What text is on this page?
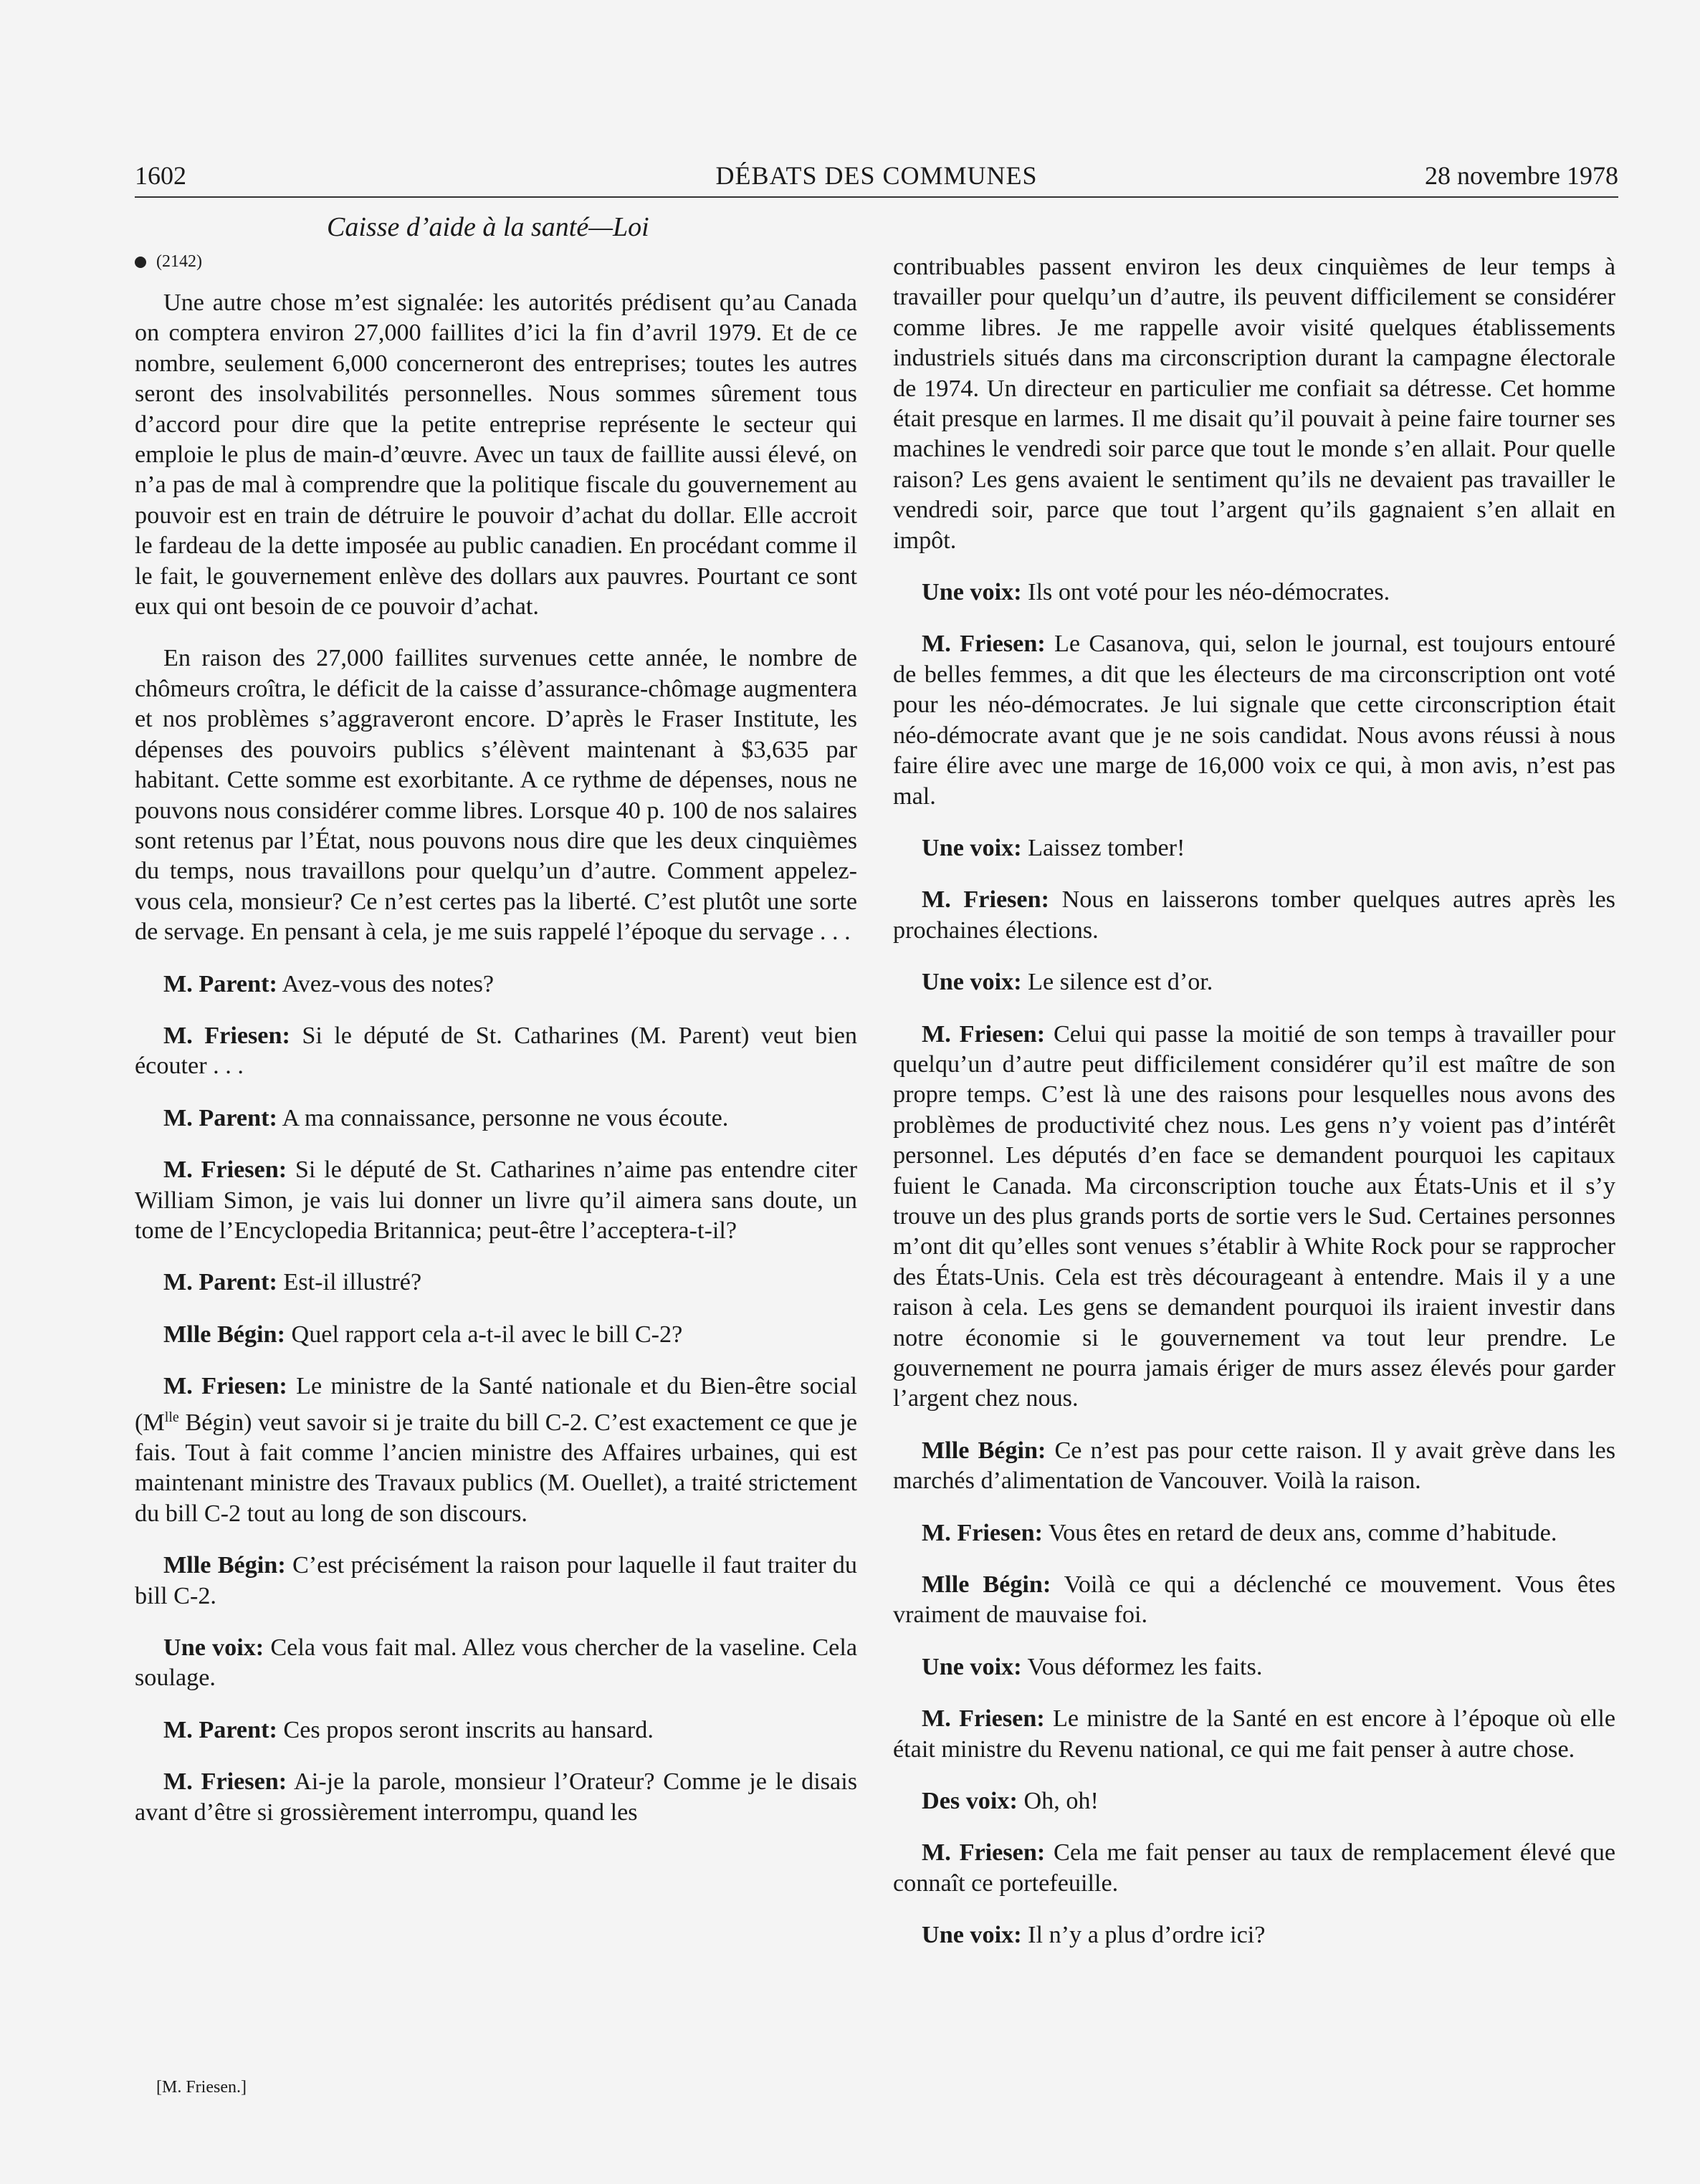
1602	DÉBATS DES COMMUNES	28 novembre 1978
Caisse d’aide à la santé—Loi
(2142)

Une autre chose m’est signalée: les autorités prédisent qu’au Canada on comptera environ 27,000 faillites d’ici la fin d’avril 1979. Et de ce nombre, seulement 6,000 concerneront des entreprises; toutes les autres seront des insolvabilités personnelles. Nous sommes sûrement tous d’accord pour dire que la petite entreprise représente le secteur qui emploie le plus de main-d’œuvre. Avec un taux de faillite aussi élevé, on n’a pas de mal à comprendre que la politique fiscale du gouvernement au pouvoir est en train de détruire le pouvoir d’achat du dollar. Elle accroit le fardeau de la dette imposée au public canadien. En procédant comme il le fait, le gouvernement enlève des dollars aux pauvres. Pourtant ce sont eux qui ont besoin de ce pouvoir d’achat.

En raison des 27,000 faillites survenues cette année, le nombre de chômeurs croîtra, le déficit de la caisse d’assurance-chômage augmentera et nos problèmes s’aggraveront encore. D’après le Fraser Institute, les dépenses des pouvoirs publics s’élèvent maintenant à $3,635 par habitant. Cette somme est exorbitante. A ce rythme de dépenses, nous ne pouvons nous considérer comme libres. Lorsque 40 p. 100 de nos salaires sont retenus par l’État, nous pouvons nous dire que les deux cinquièmes du temps, nous travaillons pour quelqu’un d’autre. Comment appelez-vous cela, monsieur? Ce n’est certes pas la liberté. C’est plutôt une sorte de servage. En pensant à cela, je me suis rappelé l’époque du servage . . .

M. Parent: Avez-vous des notes?

M. Friesen: Si le député de St. Catharines (M. Parent) veut bien écouter . . .

M. Parent: A ma connaissance, personne ne vous écoute.

M. Friesen: Si le député de St. Catharines n’aime pas entendre citer William Simon, je vais lui donner un livre qu’il aimera sans doute, un tome de l’Encyclopedia Britannica; peut-être l’acceptera-t-il?

M. Parent: Est-il illustré?

Mlle Bégin: Quel rapport cela a-t-il avec le bill C-2?

M. Friesen: Le ministre de la Santé nationale et du Bien-être social ($M^{lle}$ Bégin) veut savoir si je traite du bill C-2. C’est exactement ce que je fais. Tout à fait comme l’ancien ministre des Affaires urbaines, qui est maintenant ministre des Travaux publics (M. Ouellet), a traité strictement du bill C-2 tout au long de son discours.

Mlle Bégin: C’est précisément la raison pour laquelle il faut traiter du bill C-2.

Une voix: Cela vous fait mal. Allez vous chercher de la vaseline. Cela soulage.

M. Parent: Ces propos seront inscrits au hansard.

M. Friesen: Ai-je la parole, monsieur l’Orateur? Comme je le disais avant d’être si grossièrement interrompu, quand les

contribuables passent environ les deux cinquièmes de leur temps à travailler pour quelqu’un d’autre, ils peuvent difficilement se considérer comme libres. Je me rappelle avoir visité quelques établissements industriels situés dans ma circonscription durant la campagne électorale de 1974. Un directeur en particulier me confiait sa détresse. Cet homme était presque en larmes. Il me disait qu’il pouvait à peine faire tourner ses machines le vendredi soir parce que tout le monde s’en allait. Pour quelle raison? Les gens avaient le sentiment qu’ils ne devaient pas travailler le vendredi soir, parce que tout l’argent qu’ils gagnaient s’en allait en impôt.

Une voix: Ils ont voté pour les néo-démocrates.

M. Friesen: Le Casanova, qui, selon le journal, est toujours entouré de belles femmes, a dit que les électeurs de ma circonscription ont voté pour les néo-démocrates. Je lui signale que cette circonscription était néo-démocrate avant que je ne sois candidat. Nous avons réussi à nous faire élire avec une marge de 16,000 voix ce qui, à mon avis, n’est pas mal.

Une voix: Laissez tomber!

M. Friesen: Nous en laisserons tomber quelques autres après les prochaines élections.

Une voix: Le silence est d’or.

M. Friesen: Celui qui passe la moitié de son temps à travailler pour quelqu’un d’autre peut difficilement considérer qu’il est maître de son propre temps. C’est là une des raisons pour lesquelles nous avons des problèmes de productivité chez nous. Les gens n’y voient pas d’intérêt personnel. Les députés d’en face se demandent pourquoi les capitaux fuient le Canada. Ma circonscription touche aux États-Unis et il s’y trouve un des plus grands ports de sortie vers le Sud. Certaines personnes m’ont dit qu’elles sont venues s’établir à White Rock pour se rapprocher des États-Unis. Cela est très décourageant à entendre. Mais il y a une raison à cela. Les gens se demandent pourquoi ils iraient investir dans notre économie si le gouvernement va tout leur prendre. Le gouvernement ne pourra jamais ériger de murs assez élevés pour garder l’argent chez nous.

Mlle Bégin: Ce n’est pas pour cette raison. Il y avait grève dans les marchés d’alimentation de Vancouver. Voilà la raison.

M. Friesen: Vous êtes en retard de deux ans, comme d’habitude.

Mlle Bégin: Voilà ce qui a déclenché ce mouvement. Vous êtes vraiment de mauvaise foi.

Une voix: Vous déformez les faits.

M. Friesen: Le ministre de la Santé en est encore à l’époque où elle était ministre du Revenu national, ce qui me fait penser à autre chose.

Des voix: Oh, oh!

M. Friesen: Cela me fait penser au taux de remplacement élevé que connaît ce portefeuille.

Une voix: Il n’y a plus d’ordre ici?

[M. Friesen.]
